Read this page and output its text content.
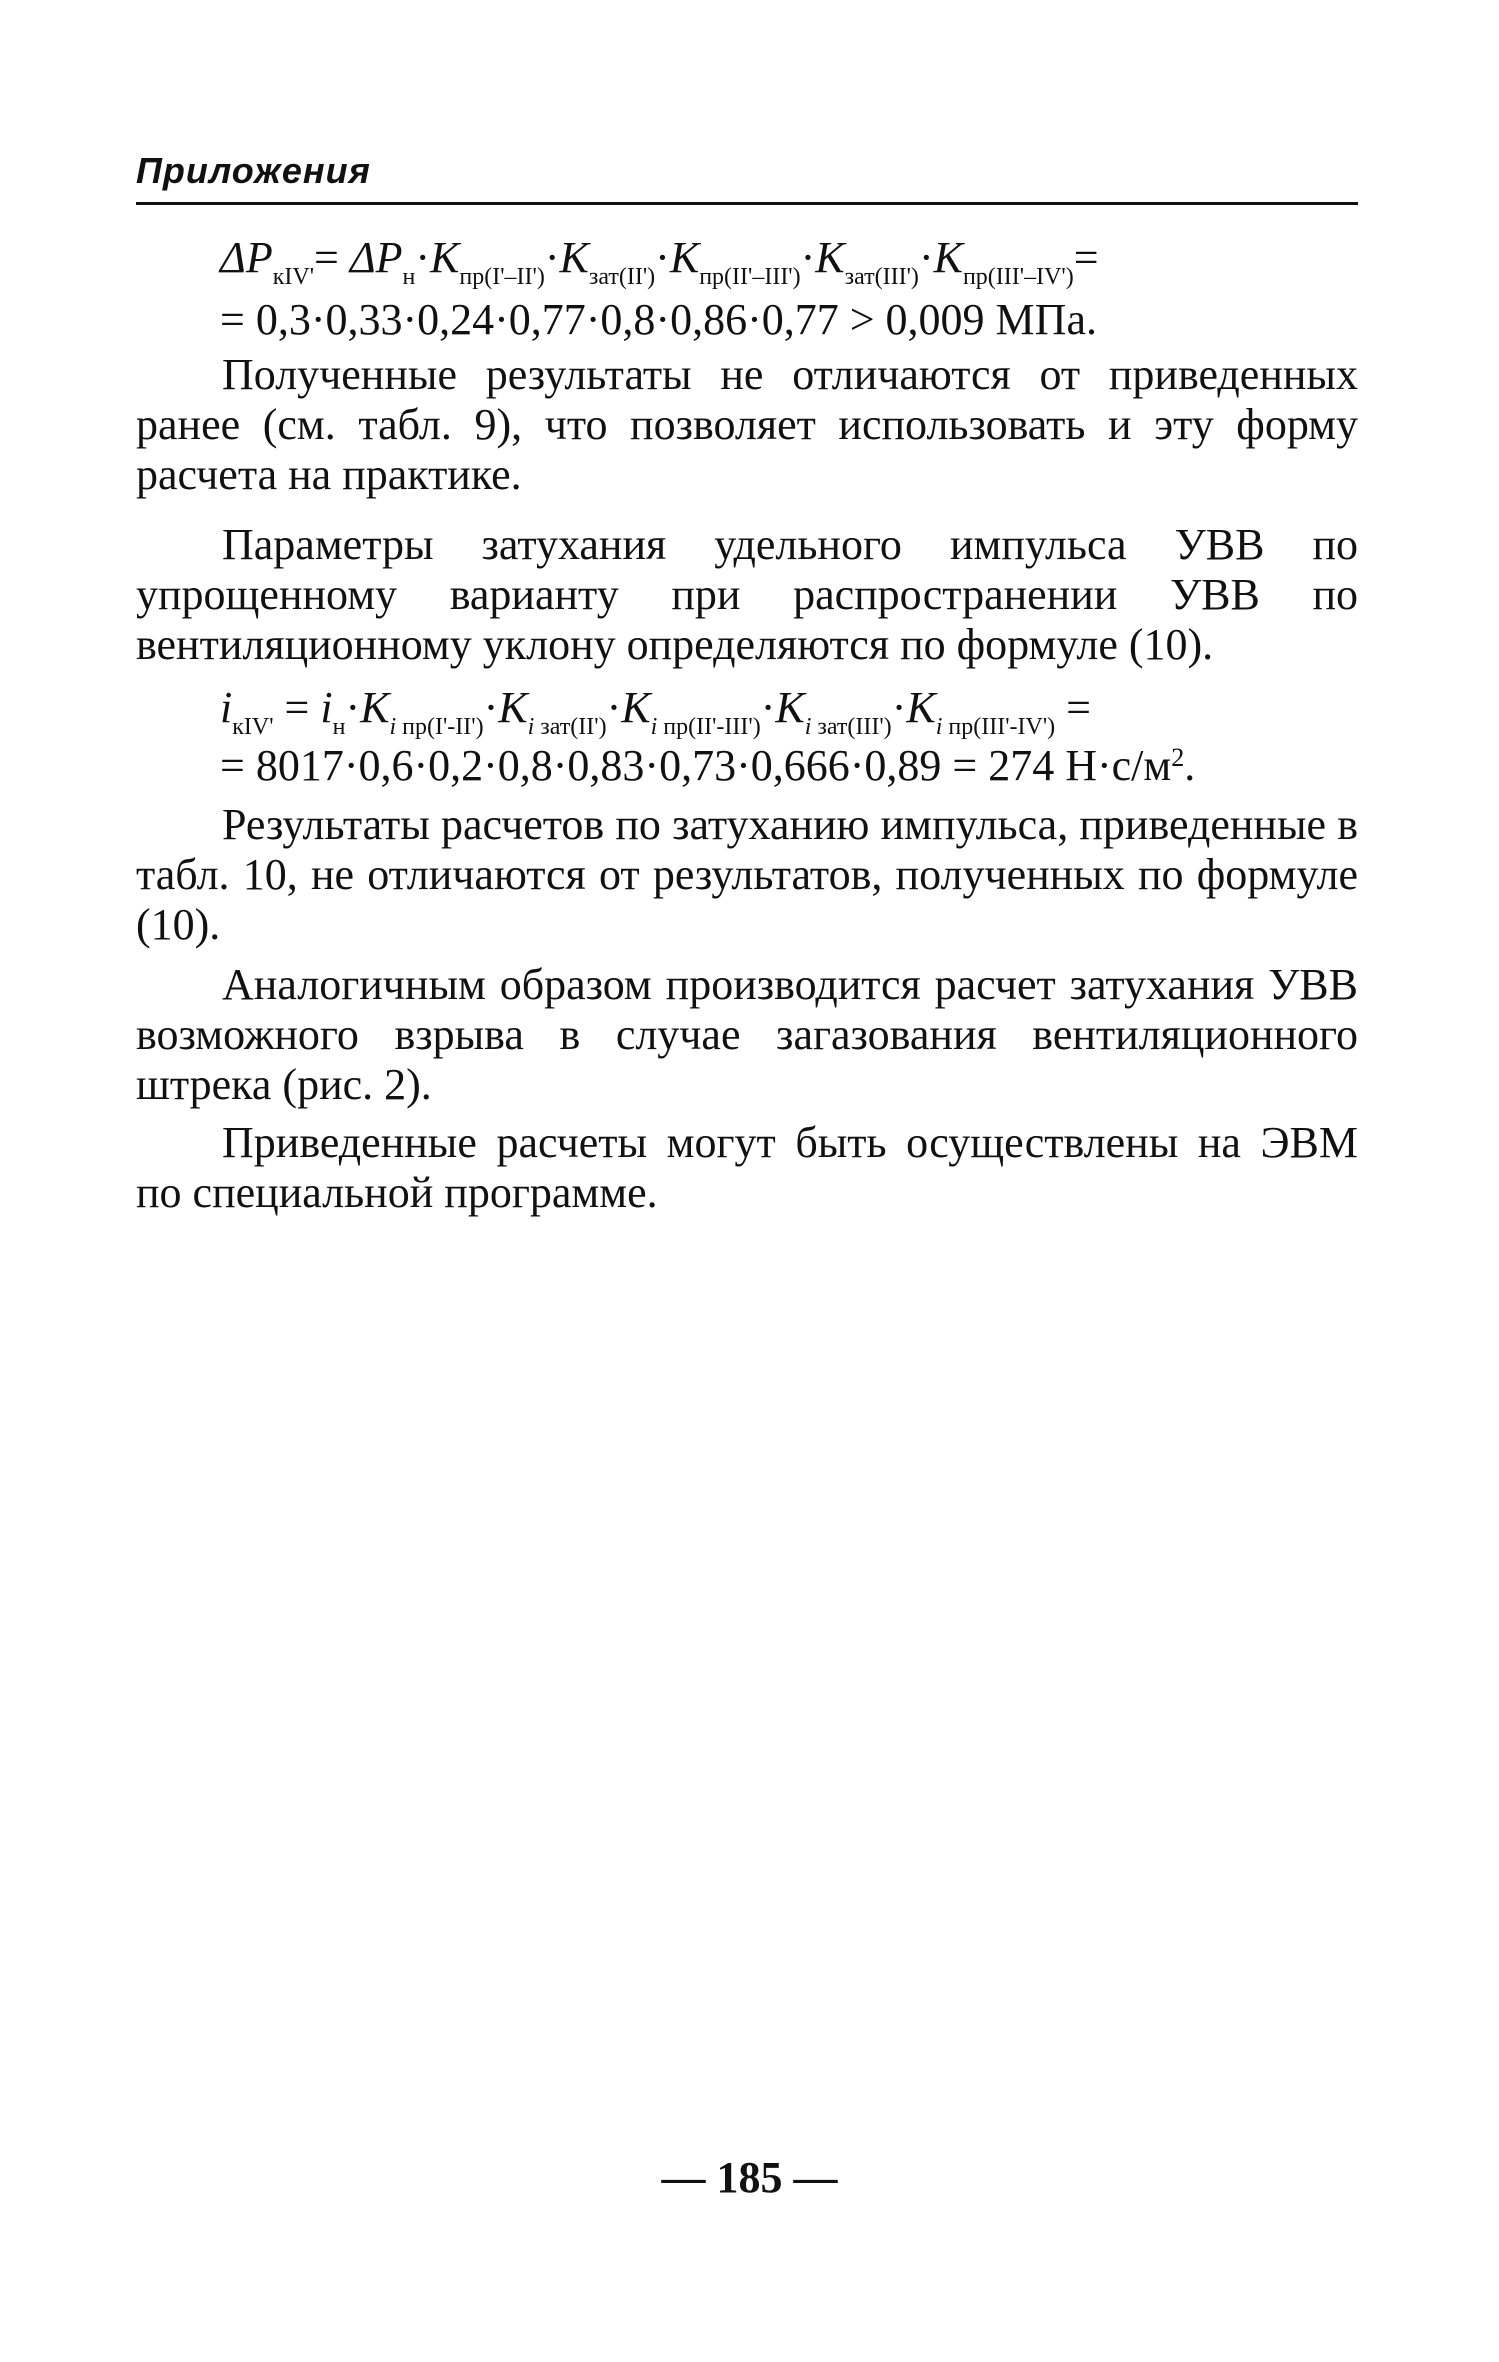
Приложения
$\Delta P_{кIV'}= \Delta P_н\cdot K_{пр(I'-II')}\cdot K_{зат(II')}\cdot K_{пр(II'-III')}\cdot K_{зат(III')}\cdot K_{пр(III'-IV')}=$
= 0,3·0,33·0,24·0,77·0,8·0,86·0,77 > 0,009 МПа.
Полученные результаты не отличаются от приведенных ранее (см. табл. 9), что позволяет использовать и эту форму расчета на практике.
Параметры затухания удельного импульса УВВ по упрощенному варианту при распространении УВВ по вентиляционному уклону определяются по формуле (10).
$i_{кIV'} = i_н\cdot K_{i пр(I'-II')}\cdot K_{i зат(II')}\cdot K_{i пр(II'-III')}\cdot K_{i зат(III')}\cdot K_{i пр(III'-IV')}$ =
= 8017·0,6·0,2·0,8·0,83·0,73·0,666·0,89 = 274 $Н\cdot с/м^2$.
Результаты расчетов по затуханию импульса, приведенные в табл. 10, не отличаются от результатов, полученных по формуле (10).
Аналогичным образом производится расчет затухания УВВ возможного взрыва в случае загазования вентиляционного штрека (рис. 2).
Приведенные расчеты могут быть осуществлены на ЭВМ по специальной программе.
— 185 —
